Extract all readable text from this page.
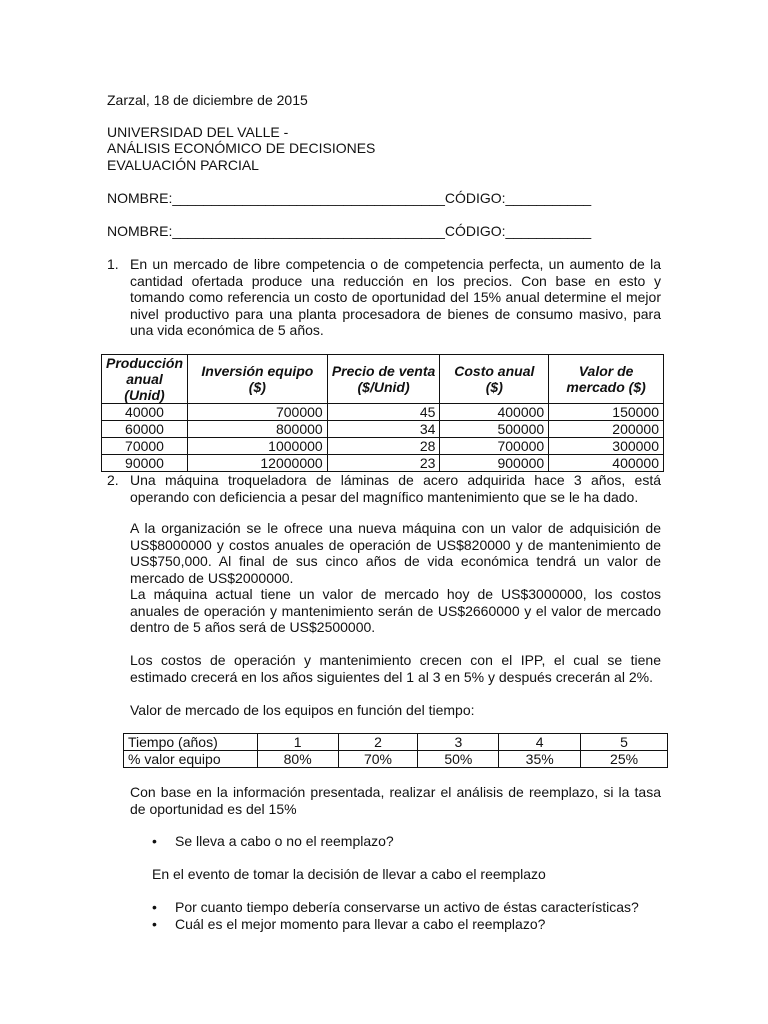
Zarzal, 18 de diciembre de 2015
UNIVERSIDAD DEL VALLE -
ANÁLISIS ECONÓMICO DE DECISIONES
EVALUACIÓN PARCIAL
NOMBRE:___________________________________CÓDIGO:___________
NOMBRE:___________________________________CÓDIGO:___________
1. En un mercado de libre competencia o de competencia perfecta, un aumento de la cantidad ofertada produce una reducción en los precios. Con base en esto y tomando como referencia un costo de oportunidad del 15% anual determine el mejor nivel productivo para una planta procesadora de bienes de consumo masivo, para una vida económica de 5 años.
Producción anual (Unid)	Inversión equipo ($)	Precio de venta ($/Unid)	Costo anual ($)	Valor de mercado ($)
40000	700000	45	400000	150000
60000	800000	34	500000	200000
70000	1000000	28	700000	300000
90000	12000000	23	900000	400000
2. Una máquina troqueladora de láminas de acero adquirida hace 3 años, está operando con deficiencia a pesar del magnífico mantenimiento que se le ha dado.
A la organización se le ofrece una nueva máquina con un valor de adquisición de US$8000000 y costos anuales de operación de US$820000 y de mantenimiento de US$750,000. Al final de sus cinco años de vida económica tendrá un valor de mercado de US$2000000.
La máquina actual tiene un valor de mercado hoy de US$3000000, los costos anuales de operación y mantenimiento serán de US$2660000 y el valor de mercado dentro de 5 años será de US$2500000.
Los costos de operación y mantenimiento crecen con el IPP, el cual se tiene estimado crecerá en los años siguientes del 1 al 3 en 5% y después crecerán al 2%.
Valor de mercado de los equipos en función del tiempo:
Tiempo (años)	1	2	3	4	5
% valor equipo	80%	70%	50%	35%	25%
Con base en la información presentada, realizar el análisis de reemplazo, si la tasa de oportunidad es del 15%
• Se lleva a cabo o no el reemplazo?
En el evento de tomar la decisión de llevar a cabo el reemplazo
• Por cuanto tiempo debería conservarse un activo de éstas características?
• Cuál es el mejor momento para llevar a cabo el reemplazo?
